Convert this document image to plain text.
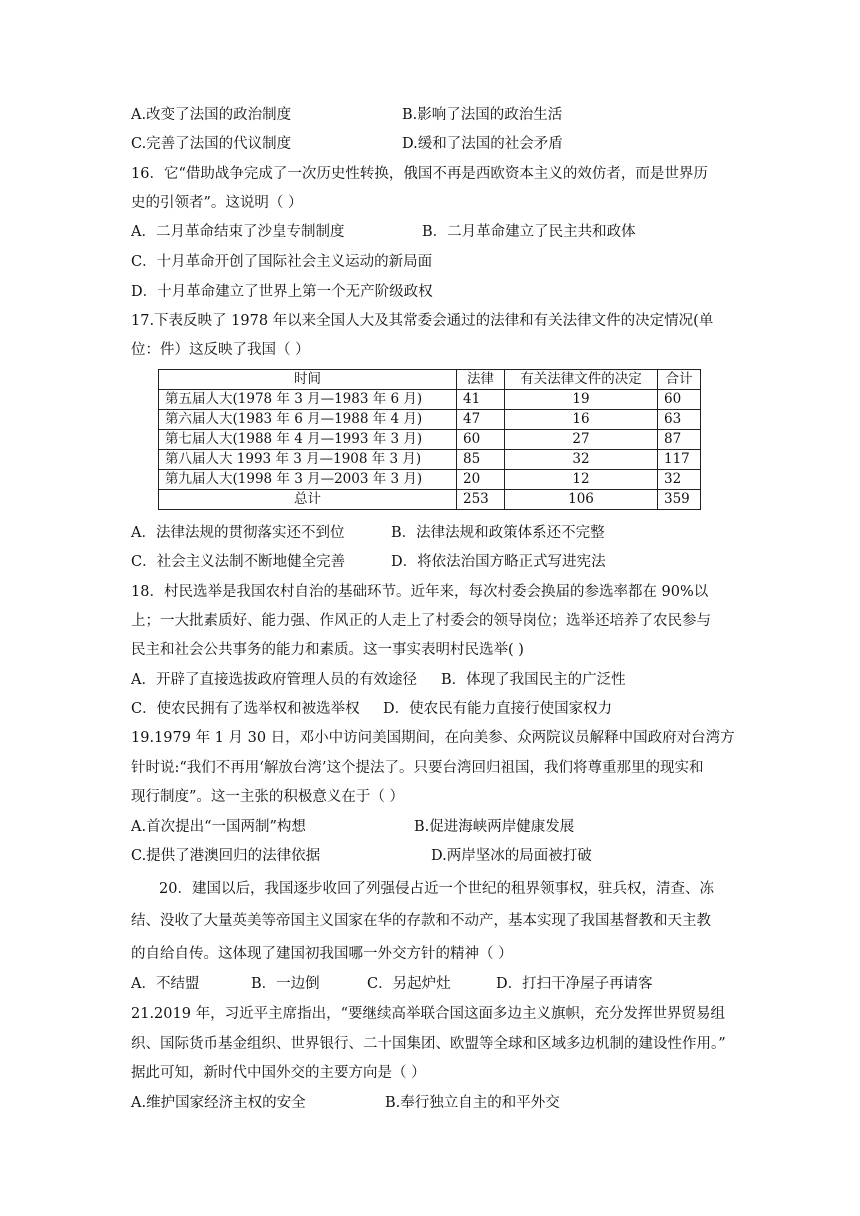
A.改变了法国的政治制度	B.影响了法国的政治生活
C.完善了法国的代议制度	D.缓和了法国的社会矛盾
16．它“借助战争完成了一次历史性转换，俄国不再是西欧资本主义的效仿者，而是世界历
史的引领者”。这说明（ ）
A．二月革命结束了沙皇专制制度	B．二月革命建立了民主共和政体
C．十月革命开创了国际社会主义运动的新局面
D．十月革命建立了世界上第一个无产阶级政权
17.下表反映了 1978 年以来全国人大及其常委会通过的法律和有关法律文件的决定情况(单
位：件）这反映了我国（ ）
时间	法律	有关法律文件的决定	合计
第五届人大(1978 年 3 月—1983 年 6 月)	41	19	60
第六届人大(1983 年 6 月—1988 年 4 月)	47	16	63
第七届人大(1988 年 4 月—1993 年 3 月)	60	27	87
第八届人大 1993 年 3 月—1908 年 3 月)	85	32	117
第九届人大(1998 年 3 月—2003 年 3 月)	20	12	32
总计	253	106	359
A．法律法规的贯彻落实还不到位	B．法律法规和政策体系还不完整
C．社会主义法制不断地健全完善	D．将依法治国方略正式写进宪法
18．村民选举是我国农村自治的基础环节。近年来，每次村委会换届的参选率都在 90%以
上；一大批素质好、能力强、作风正的人走上了村委会的领导岗位；选举还培养了农民参与
民主和社会公共事务的能力和素质。这一事实表明村民选举( )
A．开辟了直接选拔政府管理人员的有效途径 B．体现了我国民主的广泛性
C．使农民拥有了选举权和被选举权 D．使农民有能力直接行使国家权力
19.1979 年 1 月 30 日，邓小中访问美国期间，在向美参、众两院议员解释中国政府对台湾方
针时说:“我们不再用‘解放台湾’这个提法了。只要台湾回归祖国，我们将尊重那里的现实和
现行制度”。这一主张的积极意义在于（ ）
A.首次提出“一国两制”构想	B.促进海峡两岸健康发展
C.提供了港澳回归的法律依据	D.两岸坚冰的局面被打破
20．建国以后，我国逐步收回了列强侵占近一个世纪的租界领事权，驻兵权，清查、冻
结、没收了大量英美等帝国主义国家在华的存款和不动产，基本实现了我国基督教和天主教
的自给自传。这体现了建国初我国哪一外交方针的精神（ ）
A．不结盟	B．一边倒	C．另起炉灶	D．打扫干净屋子再请客
21.2019 年，习近平主席指出，“要继续高举联合国这面多边主义旗帜，充分发挥世界贸易组
织、国际货币基金组织、世界银行、二十国集团、欧盟等全球和区域多边机制的建设性作用。”
据此可知，新时代中国外交的主要方向是（ ）
A.维护国家经济主权的安全	B.奉行独立自主的和平外交
